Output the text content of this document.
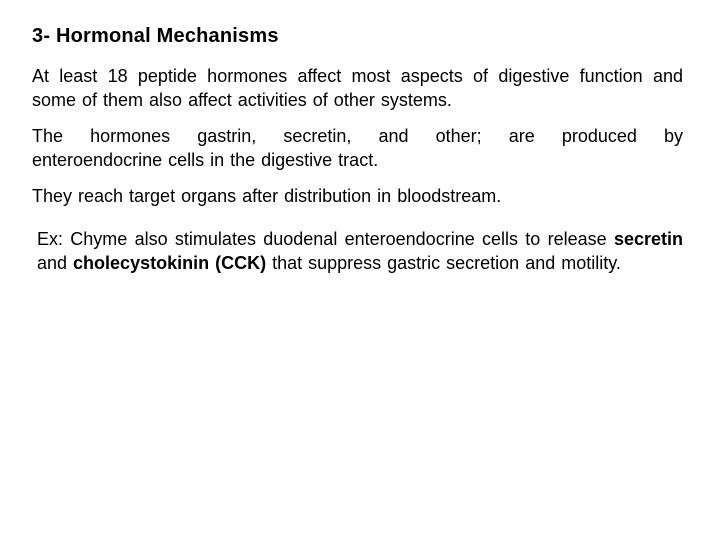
3- Hormonal Mechanisms
At least 18 peptide hormones affect most aspects of digestive function and some of them also affect activities of other systems.
The hormones gastrin, secretin, and other; are produced by
enteroendocrine cells in the digestive tract.
They reach target organs after distribution in bloodstream.
Ex: Chyme also stimulates duodenal enteroendocrine cells to release secretin and cholecystokinin (CCK) that suppress gastric secretion and motility.
